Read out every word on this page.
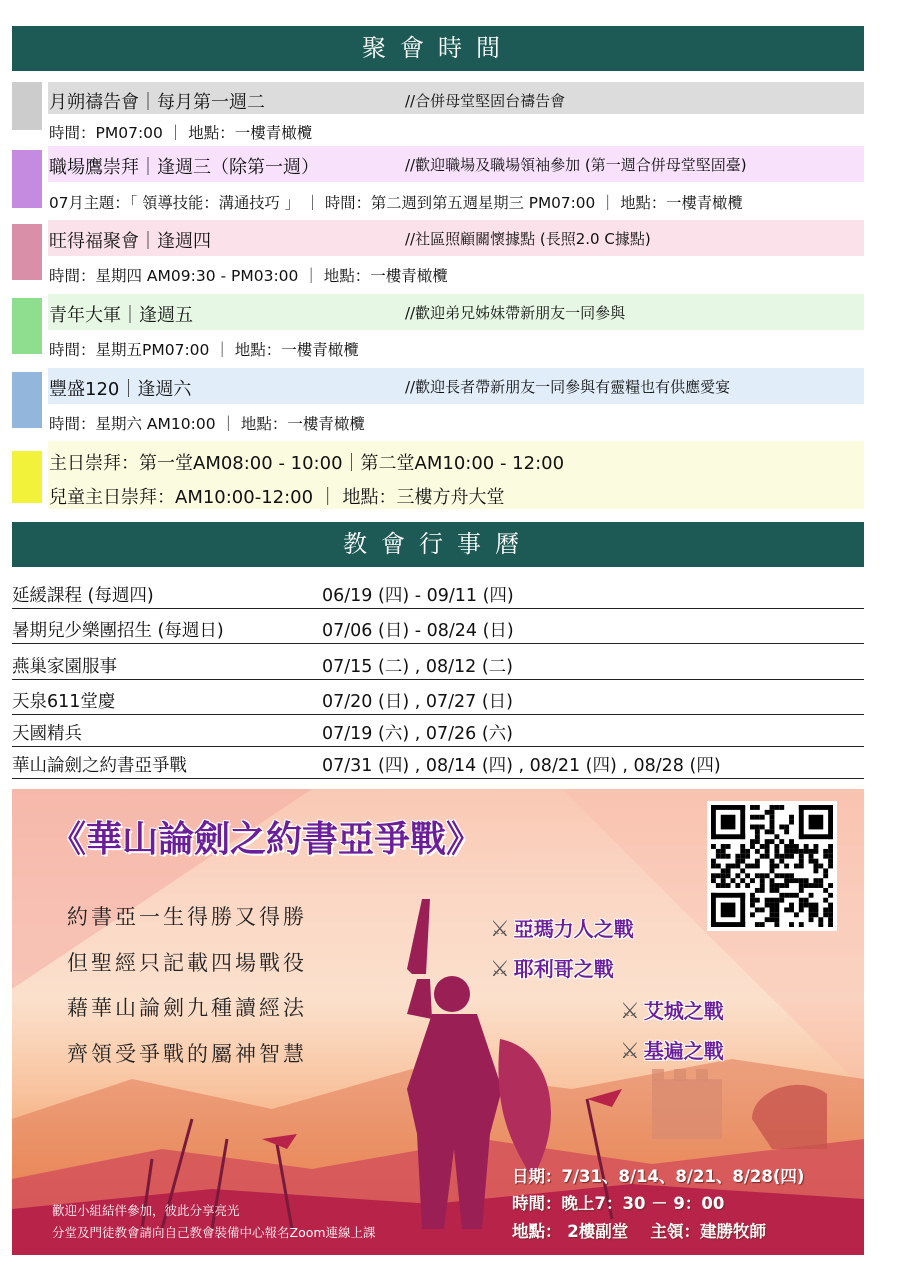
聚會時間
月朔禱告會｜每月第一週二	//合併母堂堅固台禱告會
時間：PM07:00 ｜ 地點：一樓青橄欖
職場鷹崇拜｜逢週三（除第一週）	//歡迎職場及職場領袖參加 (第一週合併母堂堅固臺)
07月主題：「 領導技能：溝通技巧 」 ｜ 時間：第二週到第五週星期三 PM07:00 ｜ 地點：一樓青橄欖
旺得福聚會｜逢週四	//社區照顧關懷據點 (長照2.0 C據點)
時間：星期四 AM09:30 - PM03:00 ｜ 地點：一樓青橄欖
青年大軍｜逢週五	//歡迎弟兄姊妹帶新朋友一同參與
時間：星期五PM07:00 ｜ 地點：一樓青橄欖
豐盛120｜逢週六	//歡迎長者帶新朋友一同參與有靈糧也有供應愛宴
時間：星期六 AM10:00 ｜ 地點：一樓青橄欖
主日崇拜：第一堂AM08:00 - 10:00｜第二堂AM10:00 - 12:00
兒童主日崇拜：AM10:00-12:00 ｜ 地點：三樓方舟大堂
教會行事曆
延緩課程 (每週四)	06/19 (四) - 09/11 (四)
暑期兒少樂團招生 (每週日)	07/06 (日) - 08/24 (日)
燕巢家園服事	07/15 (二) , 08/12 (二)
天泉611堂慶	07/20 (日) , 07/27 (日)
天國精兵	07/19 (六) , 07/26 (六)
華山論劍之約書亞爭戰	07/31 (四) , 08/14 (四) , 08/21 (四) , 08/28 (四)
《華山論劍之約書亞爭戰》
約書亞一生得勝又得勝
但聖經只記載四場戰役
藉華山論劍九種讀經法
齊領受爭戰的屬神智慧
⚔ 亞瑪力人之戰
⚔ 耶利哥之戰
⚔ 艾城之戰
⚔ 基遍之戰
日期：7/31、8/14、8/21、8/28(四)
時間：晚上7：30 － 9：00
地點： 2樓副堂　 主領：建勝牧師
歡迎小組結伴參加，彼此分享亮光
分堂及門徒教會請向自己教會裝備中心報名Zoom連線上課
